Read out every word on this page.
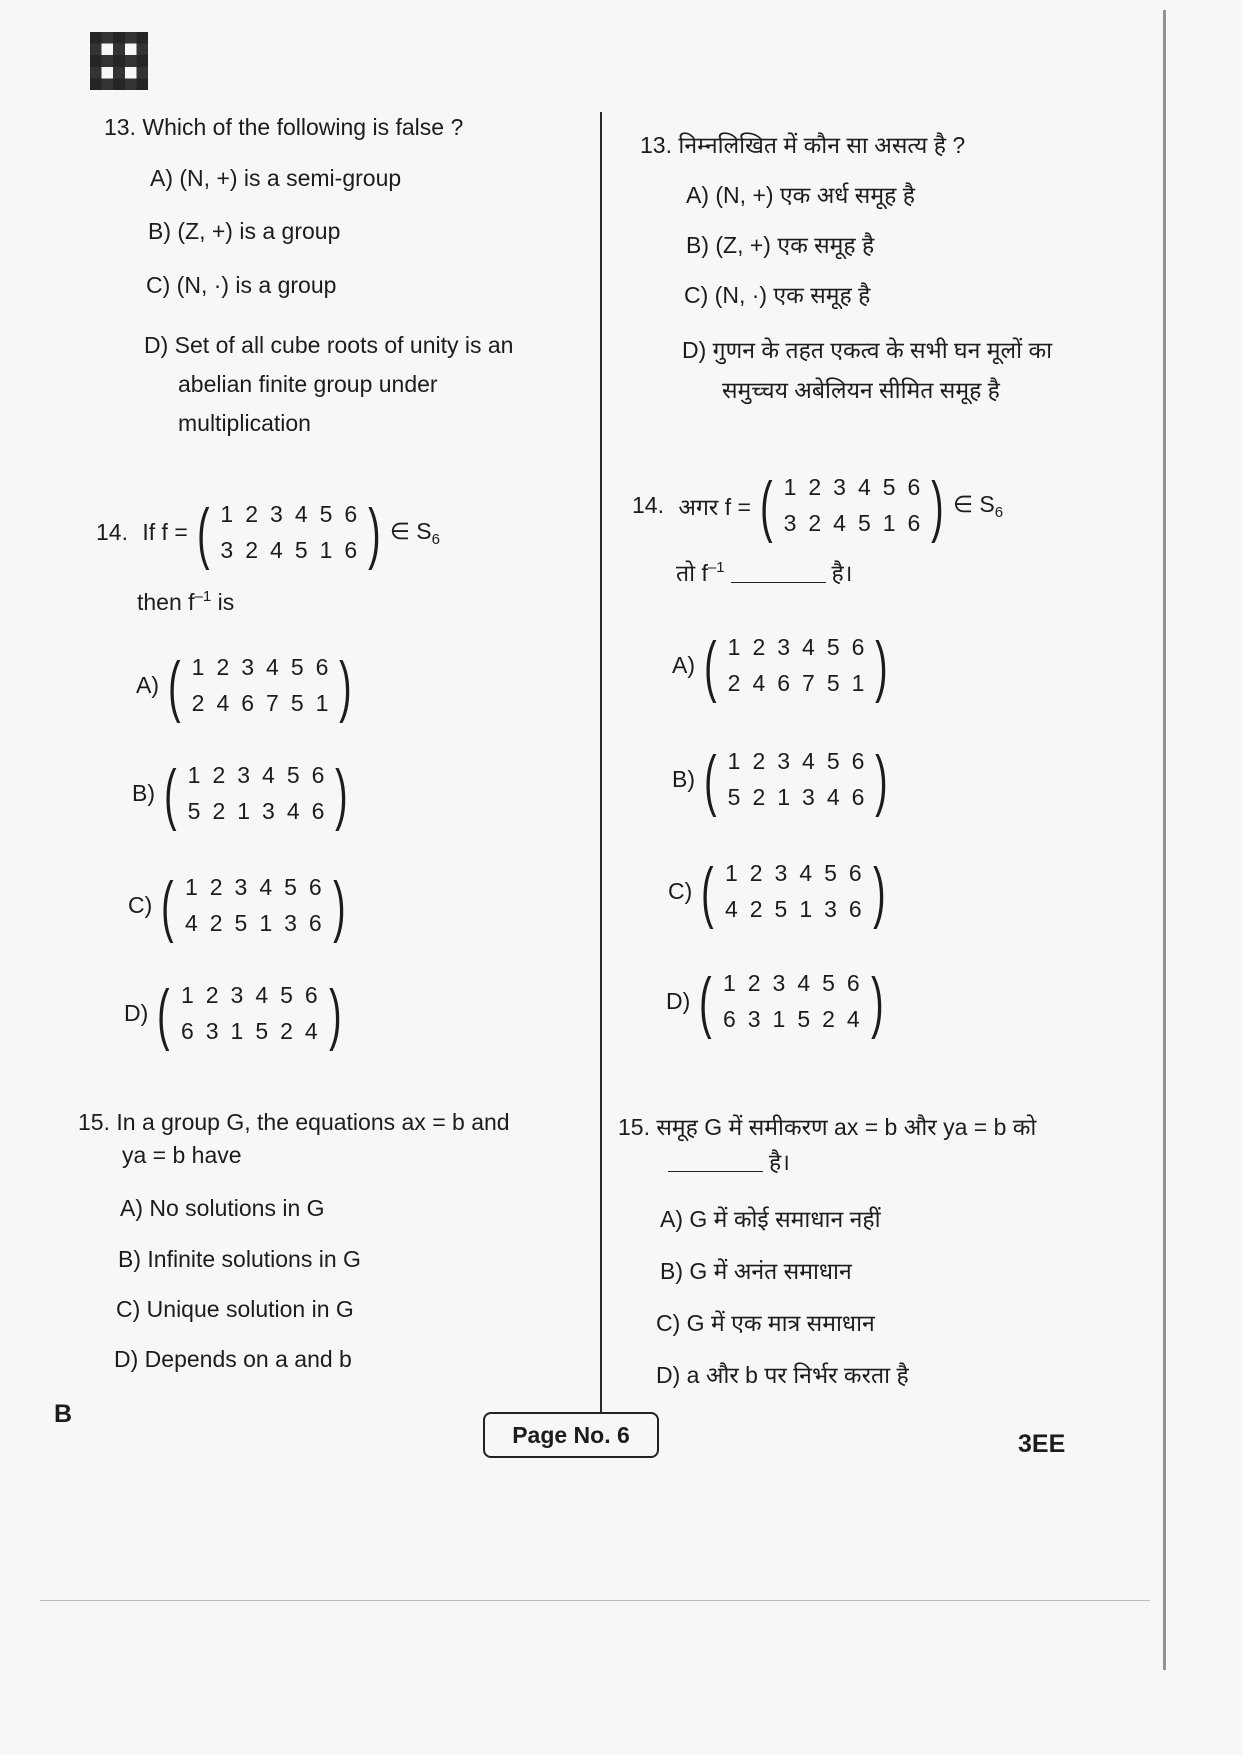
13. Which of the following is false ?
A) (N, +) is a semi-group
B) (Z, +) is a group
C) (N, ·) is a group
D) Set of all cube roots of unity is an
abelian finite group under
multiplication
14.
If f = ( 1	2	3	4	5	6
3	2	4	5	1	6 ) ∈ $S_6$
then $f^{-1}$ is
A) ( 1	2	3	4	5	6
2	4	6	7	5	1 )
B) ( 1	2	3	4	5	6
5	2	1	3	4	6 )
C) ( 1	2	3	4	5	6
4	2	5	1	3	6 )
D) ( 1	2	3	4	5	6
6	3	1	5	2	4 )
15. In a group G, the equations ax = b and
ya = b have
A) No solutions in G
B) Infinite solutions in G
C) Unique solution in G
D) Depends on a and b
13. निम्नलिखित में कौन सा असत्य है ?
A) (N, +) एक अर्ध समूह है
B) (Z, +) एक समूह है
C) (N, ·) एक समूह है
D) गुणन के तहत एकत्व के सभी घन मूलों का
समुच्चय अबेलियन सीमित समूह है
14.
अगर f = ( 1	2	3	4	5	6
3	2	4	5	1	6 ) ∈ $S_6$
तो $f^{-1}$	है।
A) ( 1	2	3	4	5	6
2	4	6	7	5	1 )
B) ( 1	2	3	4	5	6
5	2	1	3	4	6 )
C) ( 1	2	3	4	5	6
4	2	5	1	3	6 )
D) ( 1	2	3	4	5	6
6	3	1	5	2	4 )
15. समूह G में समीकरण ax = b और ya = b को
है।
A) G में कोई समाधान नहीं
B) G में अनंत समाधान
C) G में एक मात्र समाधान
D) a और b पर निर्भर करता है
B
Page No. 6	3EE
